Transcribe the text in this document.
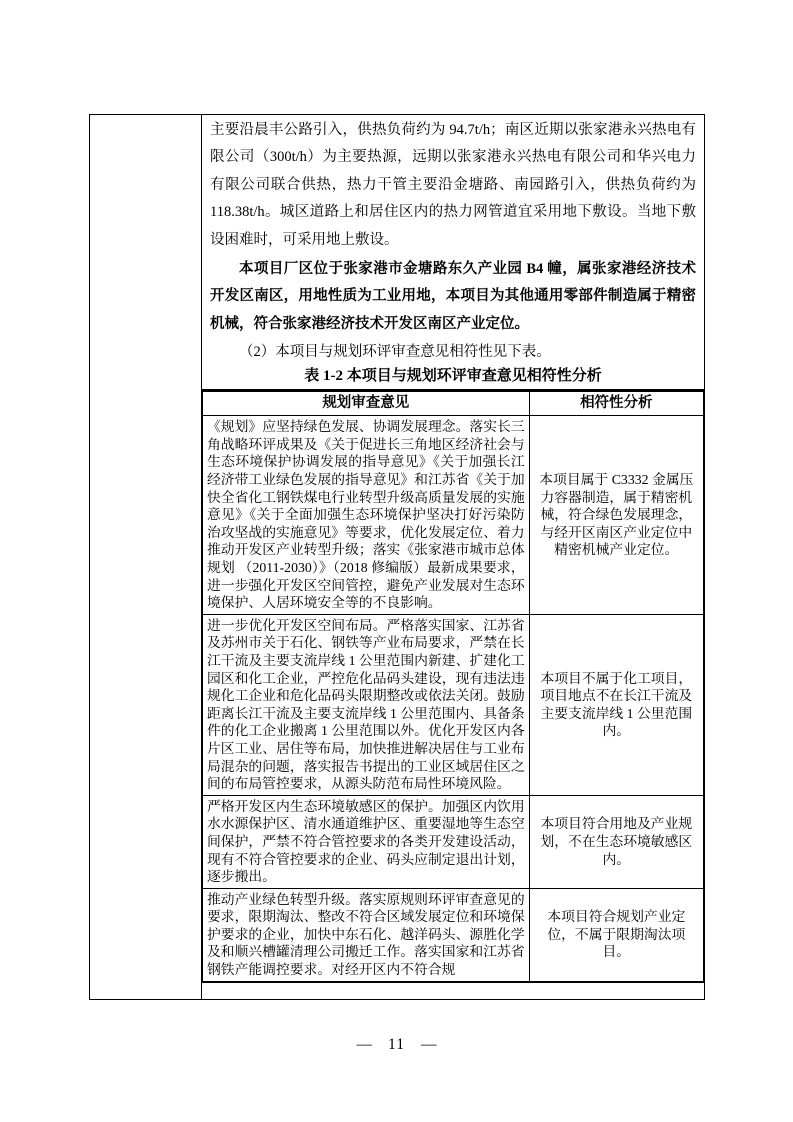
主要沿晨丰公路引入，供热负荷约为 94.7t/h；南区近期以张家港永兴热电有限公司（300t/h）为主要热源，远期以张家港永兴热电有限公司和华兴电力有限公司联合供热，热力干管主要沿金塘路、南园路引入，供热负荷约为 118.38t/h。城区道路上和居住区内的热力网管道宜采用地下敷设。当地下敷设困难时，可采用地上敷设。

本项目厂区位于张家港市金塘路东久产业园 B4 幢，属张家港经济技术开发区南区，用地性质为工业用地，本项目为其他通用零部件制造属于精密机械，符合张家港经济技术开发区南区产业定位。

（2）本项目与规划环评审查意见相符性见下表。

表 1-2 本项目与规划环评审查意见相符性分析
规划审查意见	相符性分析
《规划》应坚持绿色发展、协调发展理念。落实长三角战略环评成果及《关于促进长三角地区经济社会与生态环境保护协调发展的指导意见》《关于加强长江经济带工业绿色发展的指导意见》和江苏省《关于加快全省化工钢铁煤电行业转型升级高质量发展的实施意见》《关于全面加强生态环境保护坚决打好污染防治攻坚战的实施意见》等要求，优化发展定位、着力推动开发区产业转型升级；落实《张家港市城市总体规划 （2011-2030）》（2018 修编版）最新成果要求，进一步强化开发区空间管控，避免产业发展对生态环境保护、人居环境安全等的不良影响。	本项目属于 C3332 金属压力容器制造，属于精密机械，符合绿色发展理念，与经开区南区产业定位中精密机械产业定位。
进一步优化开发区空间布局。严格落实国家、江苏省及苏州市关于石化、钢铁等产业布局要求，严禁在长江干流及主要支流岸线 1 公里范围内新建、扩建化工园区和化工企业，严控危化品码头建设，现有违法违规化工企业和危化品码头限期整改或依法关闭。鼓励距离长江干流及主要支流岸线 1 公里范围内、具备条件的化工企业搬离 1 公里范围以外。优化开发区内各片区工业、居住等布局，加快推进解决居住与工业布局混杂的问题，落实报告书提出的工业区域居住区之间的布局管控要求，从源头防范布局性环境风险。	本项目不属于化工项目，项目地点不在长江干流及主要支流岸线 1 公里范围内。
严格开发区内生态环境敏感区的保护。加强区内饮用水水源保护区、清水通道维护区、重要湿地等生态空间保护，严禁不符合管控要求的各类开发建设活动，现有不符合管控要求的企业、码头应制定退出计划，逐步搬出。	本项目符合用地及产业规划，不在生态环境敏感区内。
推动产业绿色转型升级。落实原规则环评审查意见的要求，限期淘汰、整改不符合区域发展定位和环境保护要求的企业，加快中东石化、越洋码头、源胜化学及和顺兴槽罐清理公司搬迁工作。落实国家和江苏省钢铁产能调控要求。对经开区内不符合规	本项目符合规划产业定位，不属于限期淘汰项目。
— 11 —
